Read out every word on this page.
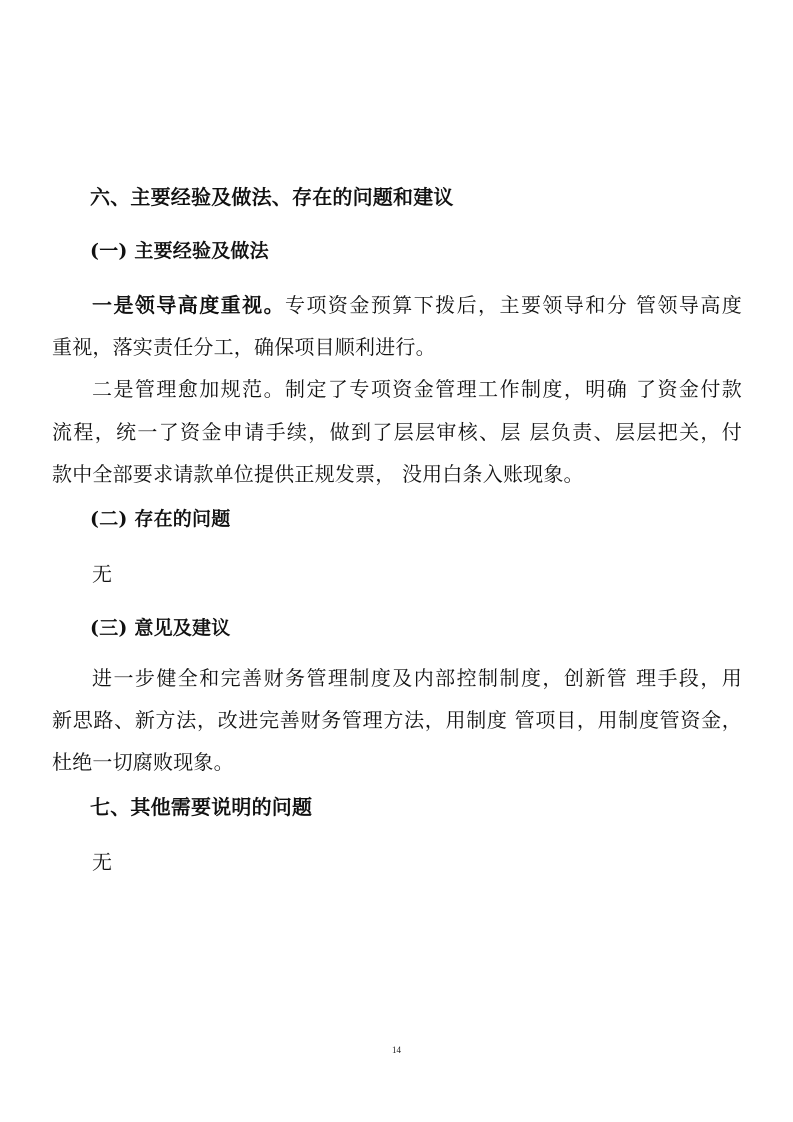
六、主要经验及做法、存在的问题和建议
(一) 主要经验及做法
一是领导高度重视。专项资金预算下拨后，主要领导和分 管领导高度
重视，落实责任分工，确保项目顺利进行。
二是管理愈加规范。制定了专项资金管理工作制度，明确 了资金付款
流程，统一了资金申请手续，做到了层层审核、层 层负责、层层把关，付
款中全部要求请款单位提供正规发票， 没用白条入账现象。
(二) 存在的问题
无
(三) 意见及建议
进一步健全和完善财务管理制度及内部控制制度，创新管 理手段，用
新思路、新方法，改进完善财务管理方法，用制度 管项目，用制度管资金，
杜绝一切腐败现象。
七、其他需要说明的问题
无
14
